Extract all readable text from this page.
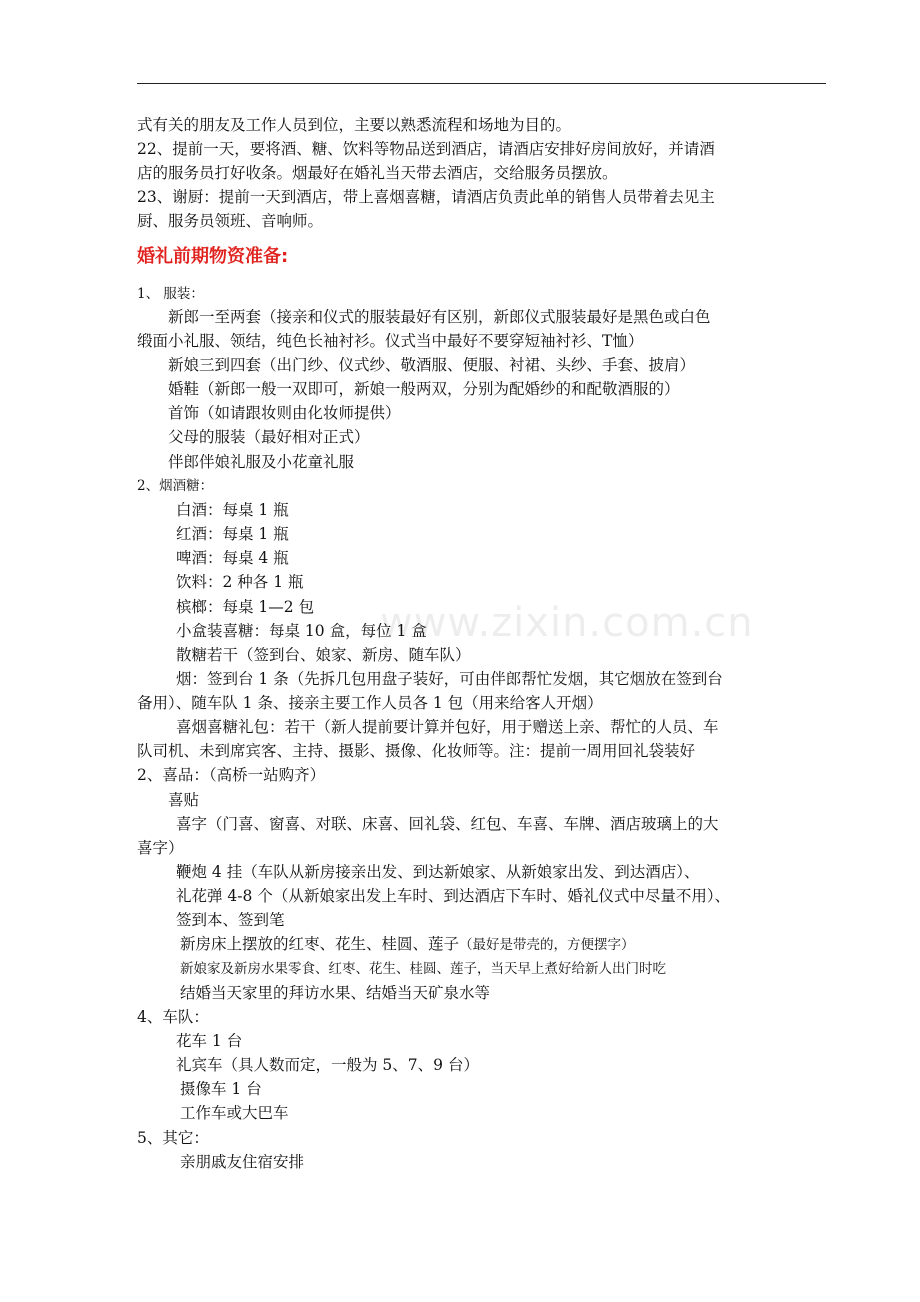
式有关的朋友及工作人员到位，主要以熟悉流程和场地为目的。
22、提前一天，要将酒、糖、饮料等物品送到酒店，请酒店安排好房间放好，并请酒
店的服务员打好收条。烟最好在婚礼当天带去酒店，交给服务员摆放。
23、谢厨：提前一天到酒店，带上喜烟喜糖，请酒店负责此单的销售人员带着去见主
厨、服务员领班、音响师。
婚礼前期物资准备:
1、 服装：
新郎一至两套（接亲和仪式的服装最好有区别，新郎仪式服装最好是黑色或白色
缎面小礼服、领结，纯色长袖衬衫。仪式当中最好不要穿短袖衬衫、T恤）
新娘三到四套（出门纱、仪式纱、敬酒服、便服、衬裙、头纱、手套、披肩）
婚鞋（新郎一般一双即可，新娘一般两双，分别为配婚纱的和配敬酒服的）
首饰（如请跟妆则由化妆师提供）
父母的服装（最好相对正式）
伴郎伴娘礼服及小花童礼服
2、烟酒糖：
白酒：每桌 1 瓶
红酒：每桌 1 瓶
啤酒：每桌 4 瓶
饮料：2 种各 1 瓶
槟榔：每桌 1—2 包
小盒装喜糖：每桌 10 盒，每位 1 盒
散糖若干（签到台、娘家、新房、随车队）
烟：签到台 1 条（先拆几包用盘子装好，可由伴郎帮忙发烟，其它烟放在签到台
备用）、随车队 1 条、接亲主要工作人员各 1 包（用来给客人开烟）
喜烟喜糖礼包：若干（新人提前要计算并包好，用于赠送上亲、帮忙的人员、车
队司机、未到席宾客、主持、摄影、摄像、化妆师等。注：提前一周用回礼袋装好
2、喜品：（高桥一站购齐）
喜贴
喜字（门喜、窗喜、对联、床喜、回礼袋、红包、车喜、车牌、酒店玻璃上的大
喜字）
鞭炮 4 挂（车队从新房接亲出发、到达新娘家、从新娘家出发、到达酒店）、
礼花弹 4-8 个（从新娘家出发上车时、到达酒店下车时、婚礼仪式中尽量不用）、
签到本、签到笔
新房床上摆放的红枣、花生、桂圆、莲子（最好是带壳的，方便摆字）
新娘家及新房水果零食、红枣、花生、桂圆、莲子，当天早上煮好给新人出门时吃
结婚当天家里的拜访水果、结婚当天矿泉水等
4、车队：
花车 1 台
礼宾车（具人数而定，一般为 5、7、9 台）
摄像车 1 台
工作车或大巴车
5、其它：
亲朋戚友住宿安排
www.zixin.com.cn
